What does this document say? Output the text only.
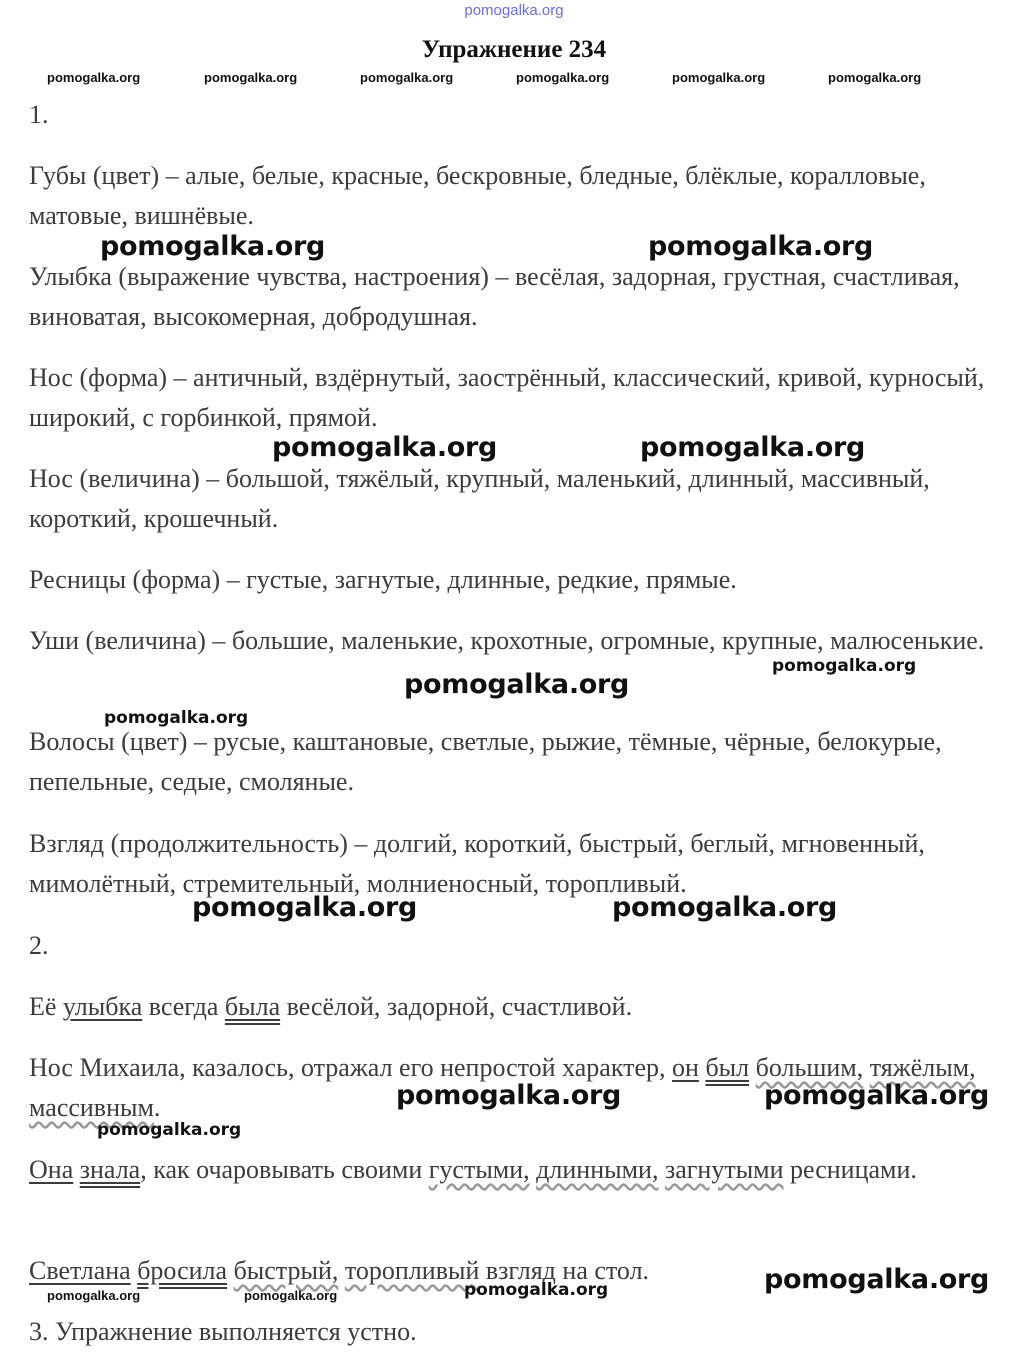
pomogalka.org
Упражнение 234
pomogalka.org	pomogalka.org	pomogalka.org	pomogalka.org	pomogalka.org	pomogalka.org

1.

Губы (цвет) – алые, белые, красные, бескровные, бледные, блёклые, коралловые, матовые, вишнёвые.

Улыбка (выражение чувства, настроения) – весёлая, задорная, грустная, счастливая, виноватая, высокомерная, добродушная.

Нос (форма) – античный, вздёрнутый, заострённый, классический, кривой, курносый, широкий, с горбинкой, прямой.

Нос (величина) – большой, тяжёлый, крупный, маленький, длинный, массивный, короткий, крошечный.

Ресницы (форма) – густые, загнутые, длинные, редкие, прямые.

Уши (величина) – большие, маленькие, крохотные, огромные, крупные, малюсенькие.

Волосы (цвет) – русые, каштановые, светлые, рыжие, тёмные, чёрные, белокурые, пепельные, седые, смоляные.

Взгляд (продолжительность) – долгий, короткий, быстрый, беглый, мгновенный, мимолётный, стремительный, молниеносный, торопливый.

2.

Её улыбка всегда была весёлой, задорной, счастливой.

Нос Михаила, казалось, отражал его непростой характер, он был большим, тяжёлым, массивным.

Она знала, как очаровывать своими густыми, длинными, загнутыми ресницами.

Светлана бросила быстрый, торопливый взгляд на стол.

3. Упражнение выполняется устно.

pomogalka.org	pomogalka.org
pomogalka.org	pomogalka.org
pomogalka.org
pomogalka.org
pomogalka.org
pomogalka.org	pomogalka.org
pomogalka.org	pomogalka.org
pomogalka.org
pomogalka.org
pomogalka.org
pomogalka.org	pomogalka.org
